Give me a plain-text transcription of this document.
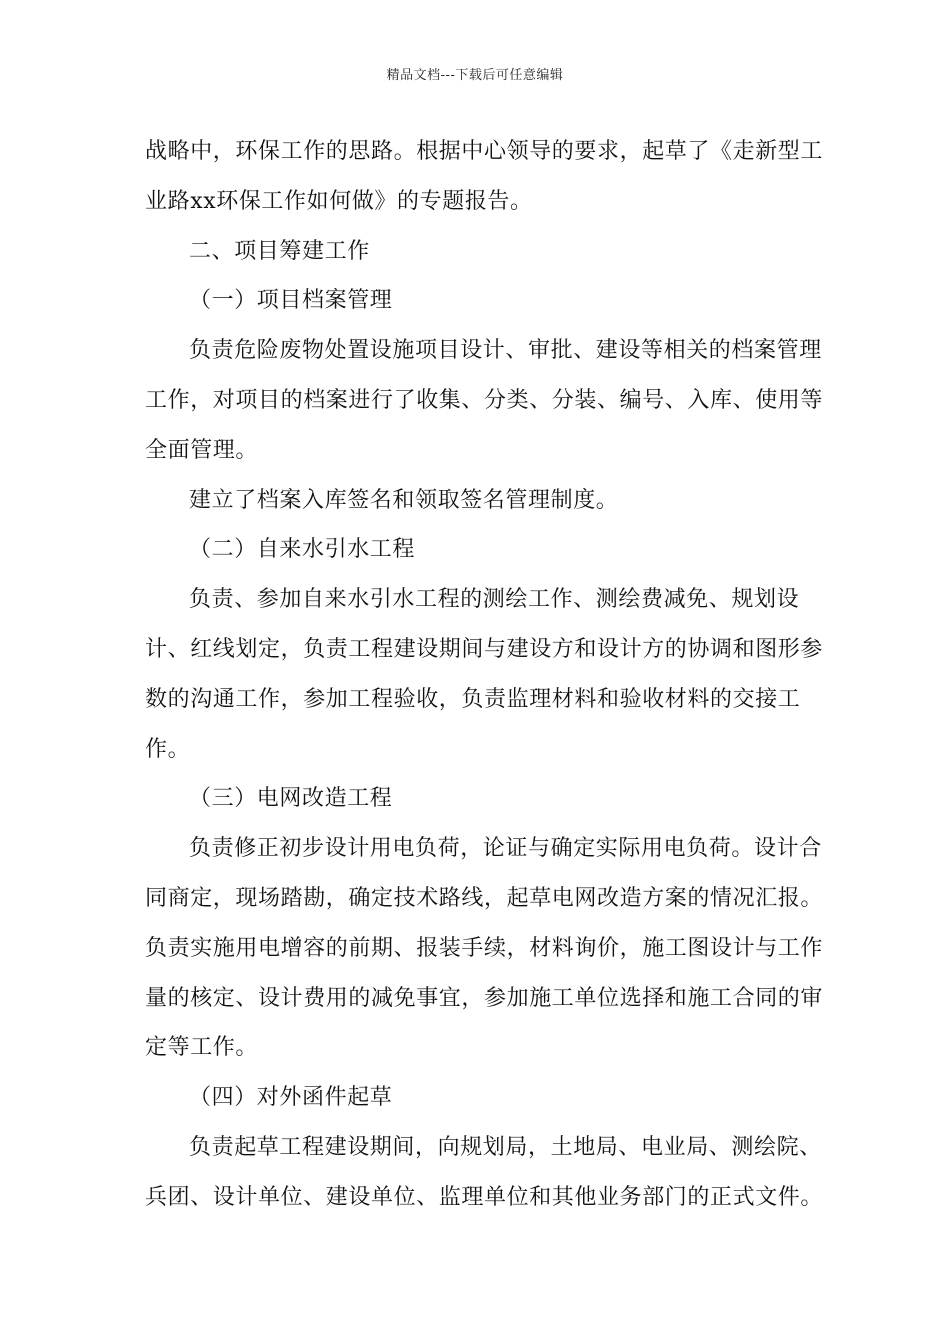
精品文档---下载后可任意编辑

战略中，环保工作的思路。根据中心领导的要求，起草了《走新型工业路xx环保工作如何做》的专题报告。

二、项目筹建工作

（一）项目档案管理

负责危险废物处置设施项目设计、审批、建设等相关的档案管理工作，对项目的档案进行了收集、分类、分装、编号、入库、使用等全面管理。

建立了档案入库签名和领取签名管理制度。

（二）自来水引水工程

负责、参加自来水引水工程的测绘工作、测绘费减免、规划设计、红线划定，负责工程建设期间与建设方和设计方的协调和图形参数的沟通工作，参加工程验收，负责监理材料和验收材料的交接工作。

（三）电网改造工程

负责修正初步设计用电负荷，论证与确定实际用电负荷。设计合同商定，现场踏勘，确定技术路线，起草电网改造方案的情况汇报。负责实施用电增容的前期、报装手续，材料询价，施工图设计与工作量的核定、设计费用的减免事宜，参加施工单位选择和施工合同的审定等工作。

（四）对外函件起草

负责起草工程建设期间，向规划局，土地局、电业局、测绘院、兵团、设计单位、建设单位、监理单位和其他业务部门的正式文件。
